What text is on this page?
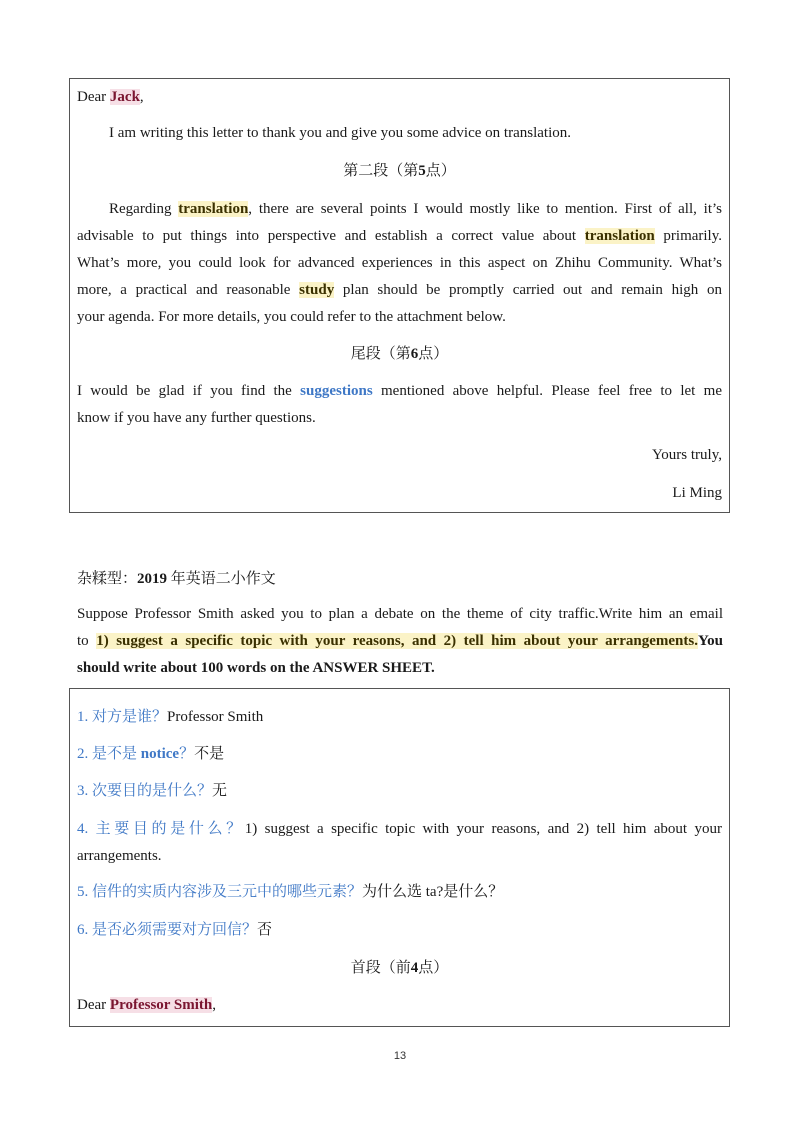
Dear Jack,
I am writing this letter to thank you and give you some advice on translation.
第二段（第5点）
Regarding translation, there are several points I would mostly like to mention. First of all, it’s
advisable to put things into perspective and establish a correct value about translation primarily.
What’s more, you could look for advanced experiences in this aspect on Zhihu Community. What’s
more, a practical and reasonable study plan should be promptly carried out and remain high on
your agenda. For more details, you could refer to the attachment below.
尾段（第6点）
I would be glad if you find the suggestions mentioned above helpful. Please feel free to let me
know if you have any further questions.
Yours truly,
Li Ming
杂糅型：2019 年英语二小作文
Suppose Professor Smith asked you to plan a debate on the theme of city traffic.Write him an email
to 1) suggest a specific topic with your reasons, and 2) tell him about your arrangements.You
should write about 100 words on the ANSWER SHEET.
1. 对方是谁？Professor Smith
2. 是不是 notice？不是
3. 次要目的是什么？无
4. 主要目的是什么？1) suggest a specific topic with your reasons, and 2) tell him about your
arrangements.
5. 信件的实质内容涉及三元中的哪些元素？为什么选 ta?是什么？
6. 是否必须需要对方回信？否
首段（前4点）
Dear Professor Smith,
13
